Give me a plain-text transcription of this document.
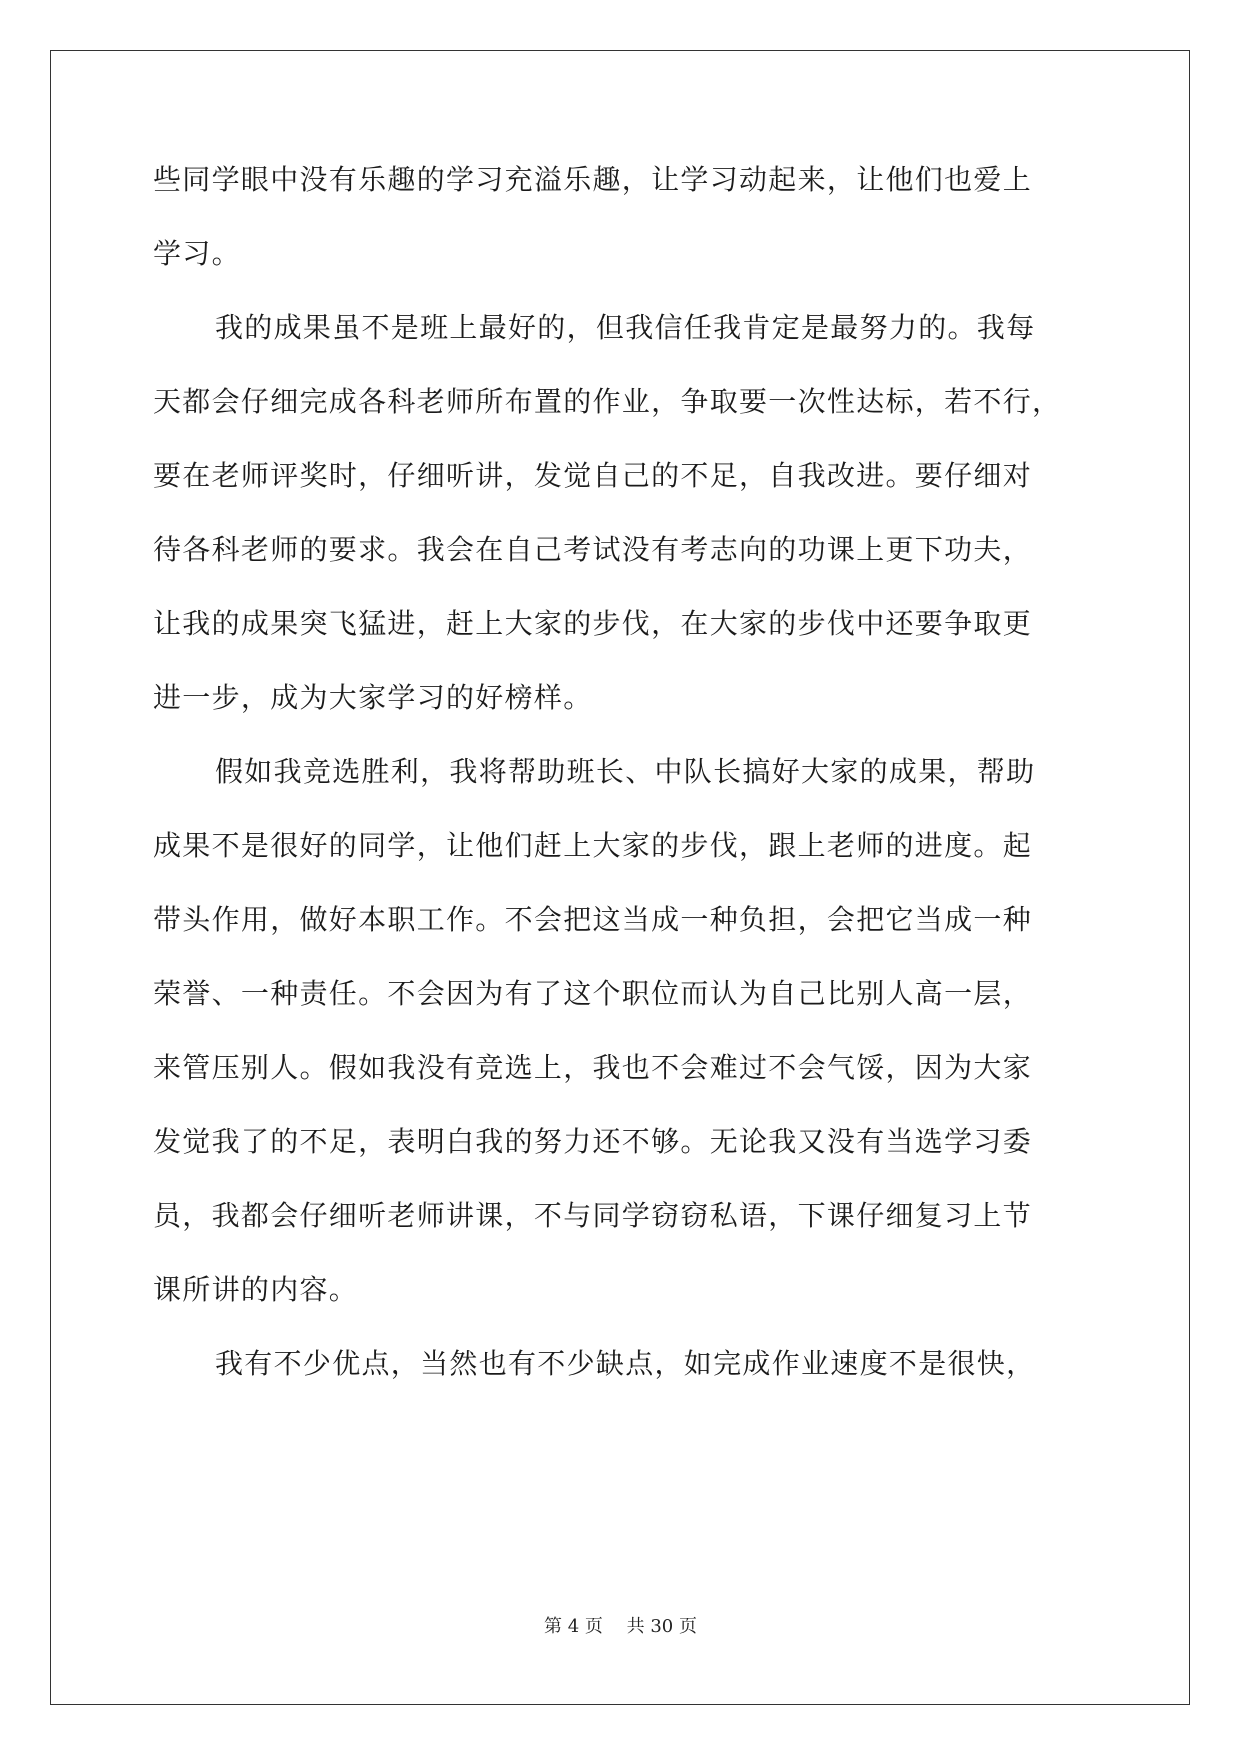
些同学眼中没有乐趣的学习充溢乐趣，让学习动起来，让他们也爱上
学习。
我的成果虽不是班上最好的，但我信任我肯定是最努力的。我每
天都会仔细完成各科老师所布置的作业，争取要一次性达标，若不行，
要在老师评奖时，仔细听讲，发觉自己的不足，自我改进。要仔细对
待各科老师的要求。我会在自己考试没有考志向的功课上更下功夫，
让我的成果突飞猛进，赶上大家的步伐，在大家的步伐中还要争取更
进一步，成为大家学习的好榜样。
假如我竞选胜利，我将帮助班长、中队长搞好大家的成果，帮助
成果不是很好的同学，让他们赶上大家的步伐，跟上老师的进度。起
带头作用，做好本职工作。不会把这当成一种负担，会把它当成一种
荣誉、一种责任。不会因为有了这个职位而认为自己比别人高一层，
来管压别人。假如我没有竞选上，我也不会难过不会气馁，因为大家
发觉我了的不足，表明白我的努力还不够。无论我又没有当选学习委
员，我都会仔细听老师讲课，不与同学窃窃私语，下课仔细复习上节
课所讲的内容。
我有不少优点，当然也有不少缺点，如完成作业速度不是很快，
第 4 页　 共 30 页
